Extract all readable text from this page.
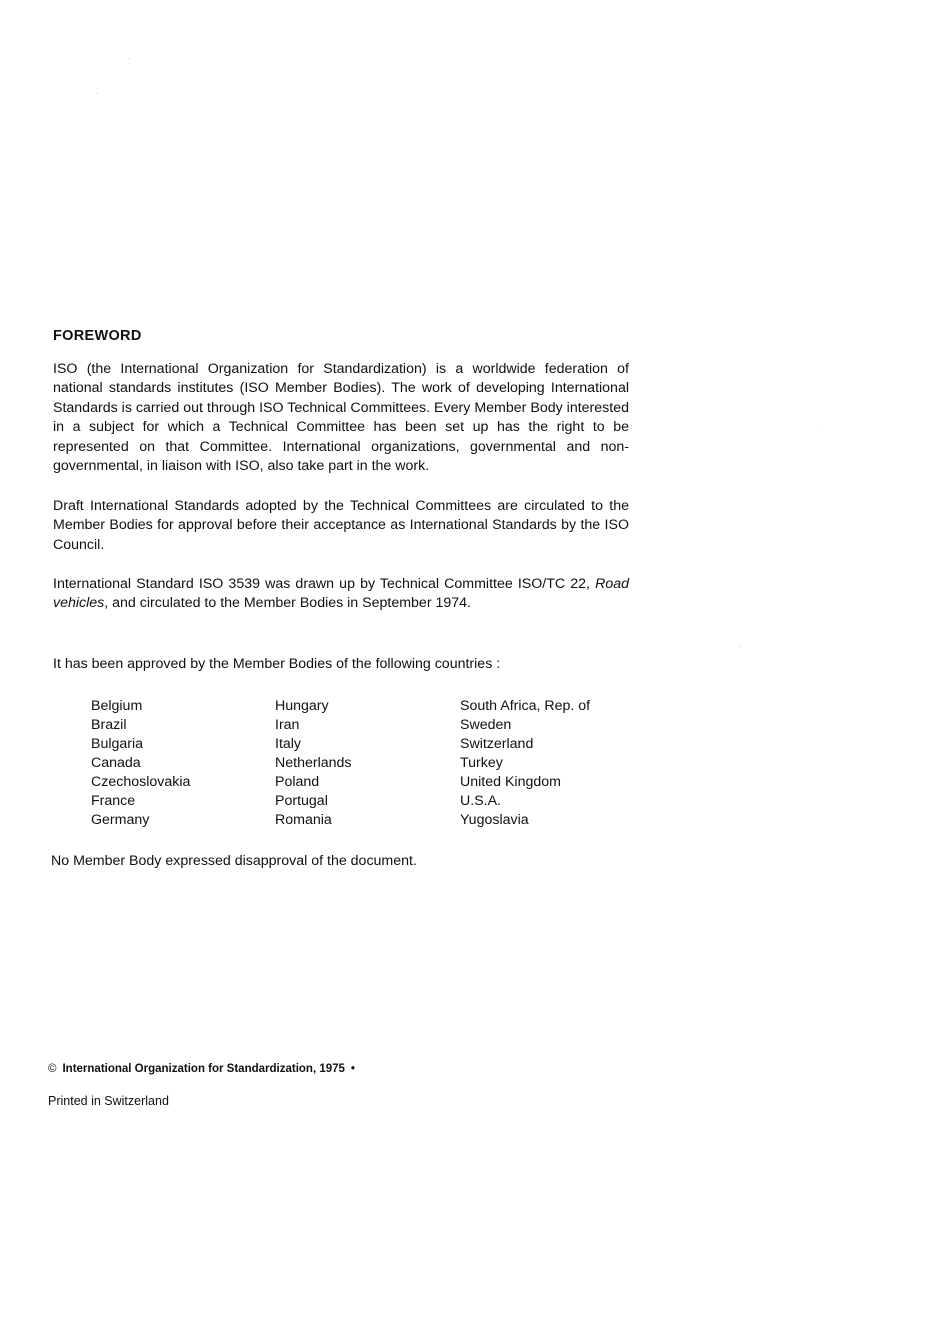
FOREWORD

ISO (the International Organization for Standardization) is a worldwide federation of national standards institutes (ISO Member Bodies). The work of developing International Standards is carried out through ISO Technical Committees. Every Member Body interested in a subject for which a Technical Committee has been set up has the right to be represented on that Committee. International organizations, governmental and non-governmental, in liaison with ISO, also take part in the work.

Draft International Standards adopted by the Technical Committees are circulated to the Member Bodies for approval before their acceptance as International Standards by the ISO Council.

International Standard ISO 3539 was drawn up by Technical Committee ISO/TC 22, Road vehicles, and circulated to the Member Bodies in September 1974.

It has been approved by the Member Bodies of the following countries :

Belgium
Brazil
Bulgaria
Canada
Czechoslovakia
France
Germany
Hungary
Iran
Italy
Netherlands
Poland
Portugal
Romania
South Africa, Rep. of
Sweden
Switzerland
Turkey
United Kingdom
U.S.A.
Yugoslavia
No Member Body expressed disapproval of the document.
© International Organization for Standardization, 1975 •
Printed in Switzerland
